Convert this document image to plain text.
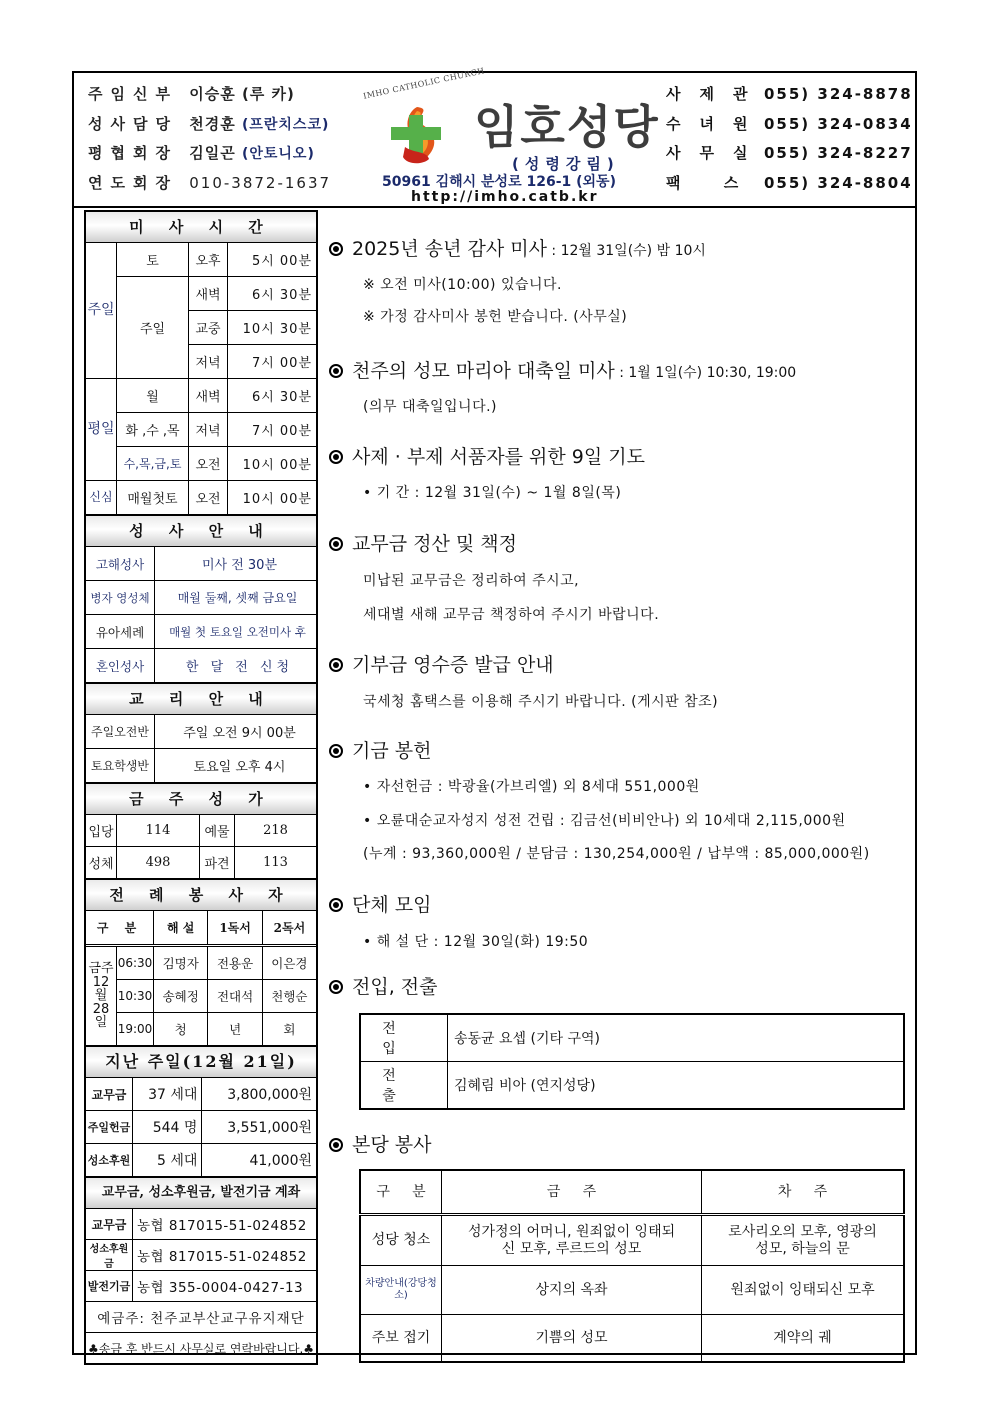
주임신부 이승훈 (루 카)
성사담당 천경훈 (프란치스코)
평협회장 김일곤 (안토니오)
연도회장 010-3872-1637
IMHO CATHOLIC CHURCH
임호성당
(성령강림)
50961 김해시 분성로 126-1 (외동)
http://imho.catb.kr
사제관055) 324-8878
수녀원055) 324-0834
사무실055) 324-8227
팩 스 055) 324-8804
미 사 시 간
주일	토	오후	5시 00분
	주일	새벽	6시 30분
		교중	10시 30분
		저녁	7시 00분
평일	월	새벽	6시 30분
	화 ,수 ,목	저녁	7시 00분
	수,목,금,토	오전	10시 00분
신심	매월첫토	오전	10시 00분
성 사 안 내
고해성사	미사 전 30분
병자 영성체	매월 둘째, 셋째 금요일
유아세례	매월 첫 토요일 오전미사 후
혼인성사	한 달 전 신청
교 리 안 내
주일오전반	주일 오전 9시 00분
토요학생반	토요일 오후 4시
금 주 성 가
입당	114	예물	218
성체	498	파견	113
전 례 봉 사 자
구 분		해 설	1독서	2독서
금주 12 월 28 일	06:30	김명자	전용운	이은경
	10:30	송혜정	전대석	천행순
	19:00	청	년	회
지난 주일(12월 21일)
교무금	37 세대	3,800,000원
주일헌금	544 명	3,551,000원
성소후원	5 세대	41,000원
교무금, 성소후원금, 발전기금 계좌
교무금	농협 817015-51-024852
성소후원금	농협 817015-51-024852
발전기금	농협 355-0004-0427-13
예금주: 천주교부산교구유지재단	
♣송금 후 반드시 사무실로 연락바랍니다.♣	
2025년 송년 감사 미사 : 12월 31일(수) 밤 10시
※ 오전 미사(10:00) 있습니다.
※ 가정 감사미사 봉헌 받습니다. (사무실)
천주의 성모 마리아 대축일 미사 : 1월 1일(수) 10:30, 19:00
(의무 대축일입니다.)
사제 · 부제 서품자를 위한 9일 기도
• 기 간 : 12월 31일(수) ~ 1월 8일(목)
교무금 정산 및 책정
미납된 교무금은 정리하여 주시고,
세대별 새해 교무금 책정하여 주시기 바랍니다.
기부금 영수증 발급 안내
국세청 홈택스를 이용해 주시기 바랍니다. (게시판 참조)
기금 봉헌
• 자선헌금 : 박광율(가브리엘) 외 8세대 551,000원
• 오륜대순교자성지 성전 건립 : 김금선(비비안나) 외 10세대 2,115,000원
(누계 : 93,360,000원 / 분담금 : 130,254,000원 / 납부액 : 85,000,000원)
단체 모임
• 해 설 단 : 12월 30일(화) 19:50
전입, 전출
전입	송동균 요셉 (기타 구역)
전출	김혜림 비아 (연지성당)
본당 봉사
구     분	금     주	차     주
성당 청소	성가정의 어머니, 원죄없이 잉태되신 모후, 루르드의 성모	로사리오의 모후, 영광의 성모, 하늘의 문
차량안내(강당청소)	상지의 옥좌	원죄없이 잉태되신 모후
주보 접기	기쁨의 성모	계약의 궤
